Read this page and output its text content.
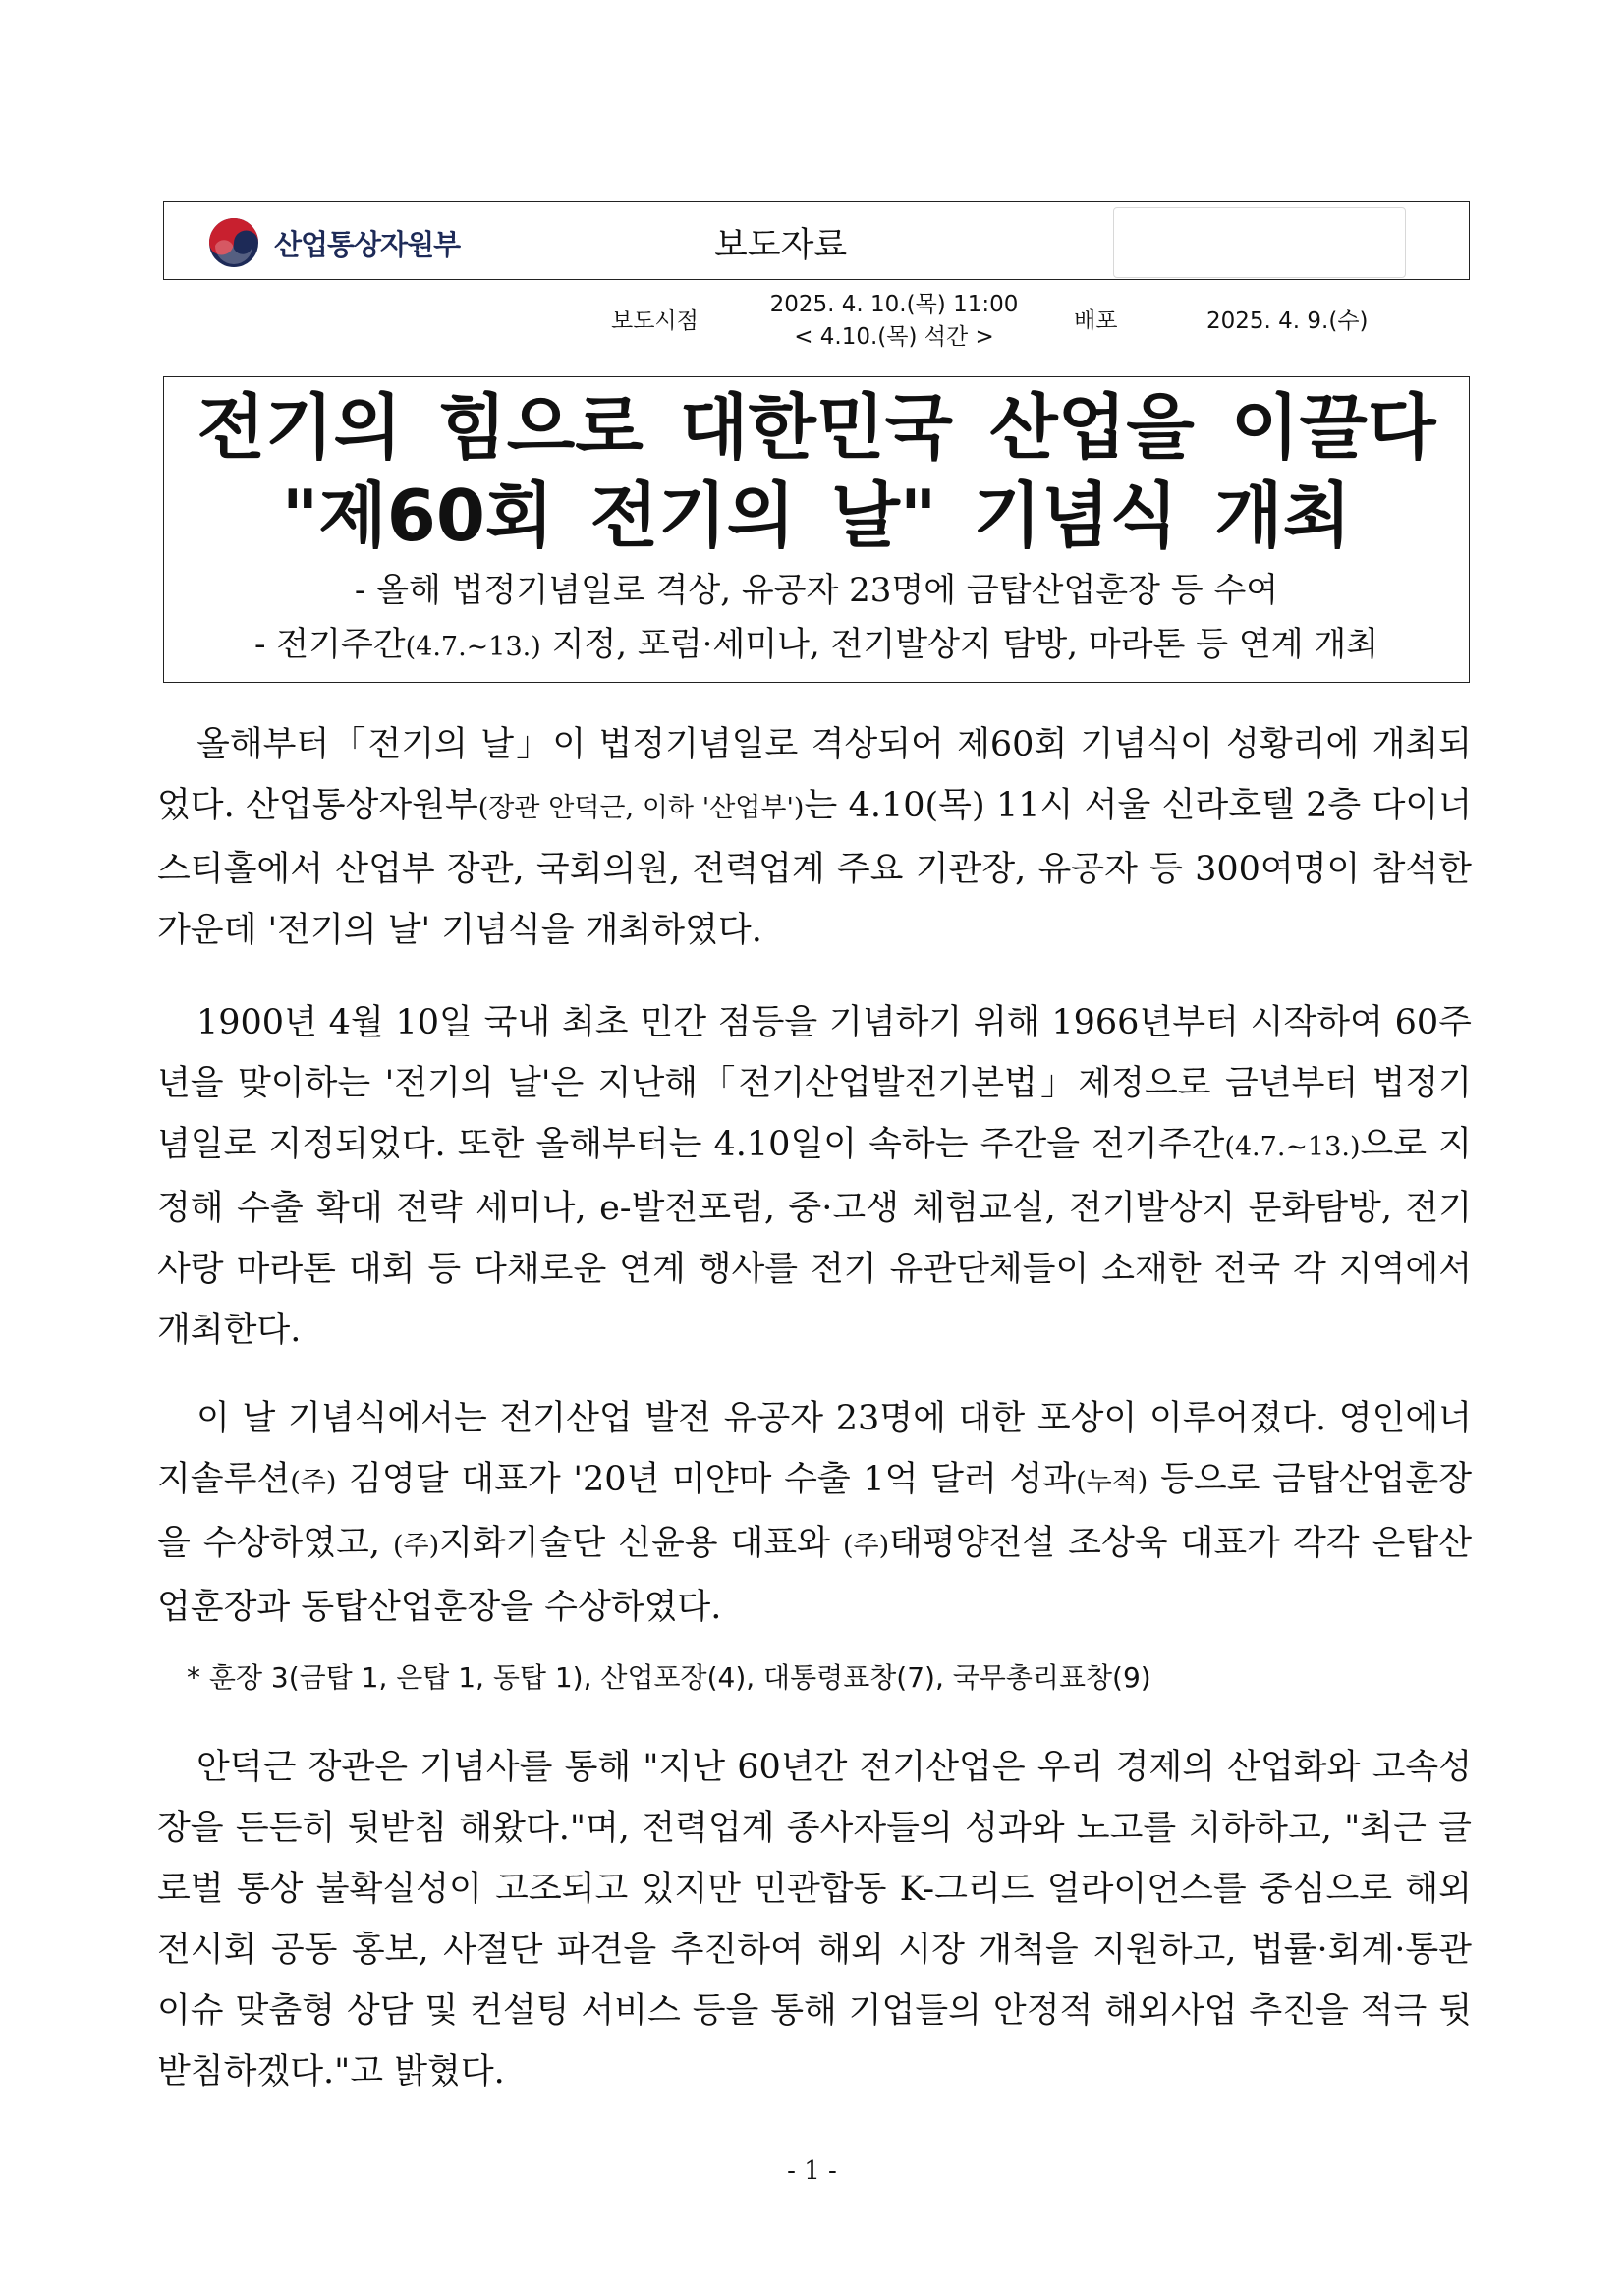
산업통상자원부	보도자료
보도시점
2025. 4. 10.(목) 11:00
< 4.10.(목) 석간 >
배포	2025. 4. 9.(수)
전기의 힘으로 대한민국 산업을 이끌다
"제60회 전기의 날" 기념식 개최
- 올해 법정기념일로 격상, 유공자 23명에 금탑산업훈장 등 수여
- 전기주간(4.7.~13.) 지정, 포럼·세미나, 전기발상지 탐방, 마라톤 등 연계 개최

올해부터「전기의 날」이 법정기념일로 격상되어 제60회 기념식이 성황리에 개최되었다. 산업통상자원부(장관 안덕근, 이하 '산업부')는 4.10(목) 11시 서울 신라호텔 2층 다이너스티홀에서 산업부 장관, 국회의원, 전력업계 주요 기관장, 유공자 등 300여명이 참석한 가운데 '전기의 날' 기념식을 개최하였다.

1900년 4월 10일 국내 최초 민간 점등을 기념하기 위해 1966년부터 시작하여 60주년을 맞이하는 '전기의 날'은 지난해「전기산업발전기본법」제정으로 금년부터 법정기념일로 지정되었다. 또한 올해부터는 4.10일이 속하는 주간을 전기주간(4.7.~13.)으로 지정해 수출 확대 전략 세미나, e-발전포럼, 중·고생 체험교실, 전기발상지 문화탐방, 전기사랑 마라톤 대회 등 다채로운 연계 행사를 전기 유관단체들이 소재한 전국 각 지역에서 개최한다.

이 날 기념식에서는 전기산업 발전 유공자 23명에 대한 포상이 이루어졌다. 영인에너지솔루션(주) 김영달 대표가 '20년 미얀마 수출 1억 달러 성과(누적) 등으로 금탑산업훈장을 수상하였고, (주)지화기술단 신윤용 대표와 (주)태평양전설 조상욱 대표가 각각 은탑산업훈장과 동탑산업훈장을 수상하였다.

* 훈장 3(금탑 1, 은탑 1, 동탑 1), 산업포장(4), 대통령표창(7), 국무총리표창(9)

안덕근 장관은 기념사를 통해 "지난 60년간 전기산업은 우리 경제의 산업화와 고속성장을 든든히 뒷받침 해왔다."며, 전력업계 종사자들의 성과와 노고를 치하하고, "최근 글로벌 통상 불확실성이 고조되고 있지만 민관합동 K-그리드 얼라이언스를 중심으로 해외 전시회 공동 홍보, 사절단 파견을 추진하여 해외 시장 개척을 지원하고, 법률·회계·통관 이슈 맞춤형 상담 및 컨설팅 서비스 등을 통해 기업들의 안정적 해외사업 추진을 적극 뒷받침하겠다."고 밝혔다.

- 1 -
